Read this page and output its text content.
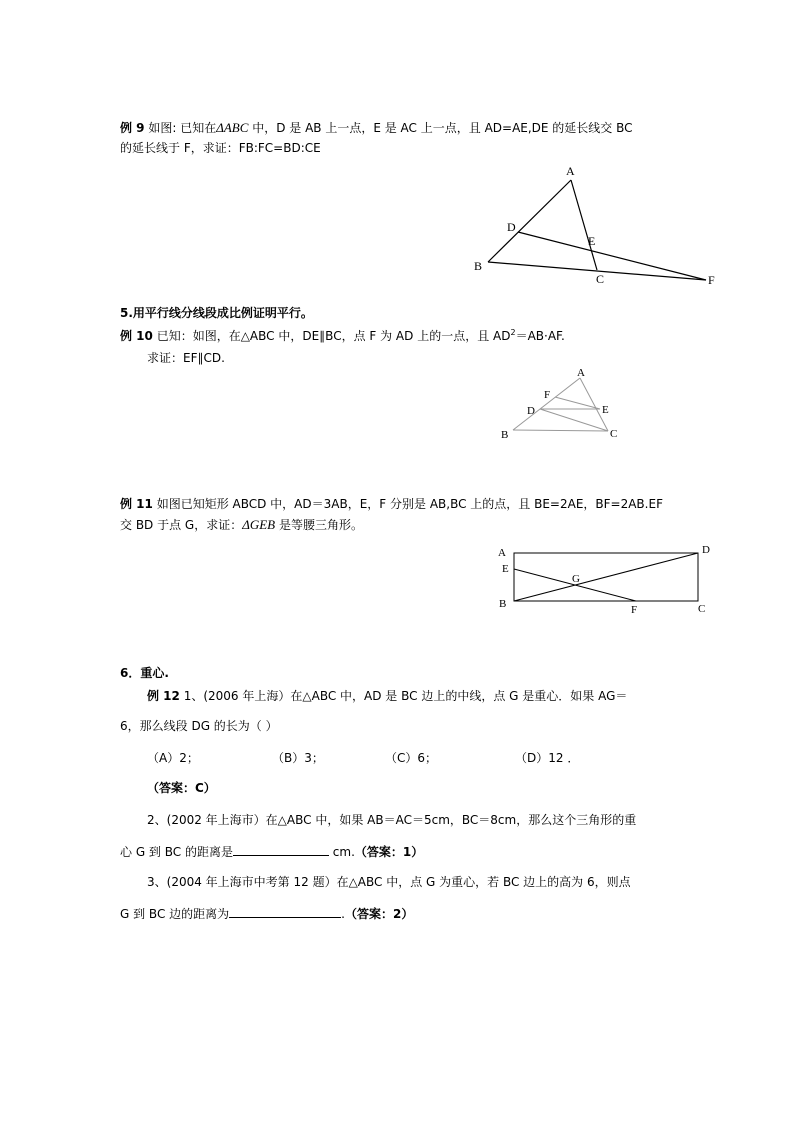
例 9 如图: 已知在ΔABC 中，D 是 AB 上一点，E 是 AC 上一点，且 AD=AE,DE 的延长线交 BC
的延长线于 F，求证：FB:FC=BD:CE
A
B
C
D
E
F
5.用平行线分线段成比例证明平行。
例 10 已知：如图，在△ABC 中，DE∥BC，点 F 为 AD 上的一点，且 $AD^2=AB\cdot AF$.
求证：EF∥CD.
A
B	C
D	E
F
例 11 如图已知矩形 ABCD 中，AD＝3AB，E，F 分别是 AB,BC 上的点，且 BE=2AE，BF=2AB.EF
交 BD 于点 G，求证：ΔGEB 是等腰三角形。
A
B	C
D
E
F
G
6．重心.
例 12 1、(2006 年上海）在△ABC 中，AD 是 BC 边上的中线，点 G 是重心．如果 AG＝
6，那么线段 DG 的长为（ ）
（A）2；	（B）3；	（C）6；	（D）12 ．
（答案：C）
2、(2002 年上海市）在△ABC 中，如果 AB＝AC＝5cm，BC＝8cm，那么这个三角形的重
心 G 到 BC 的距离是	cm.（答案：1）
3、(2004 年上海市中考第 12 题）在△ABC 中，点 G 为重心，若 BC 边上的高为 6，则点
G 到 BC 边的距离为	.（答案：2）
